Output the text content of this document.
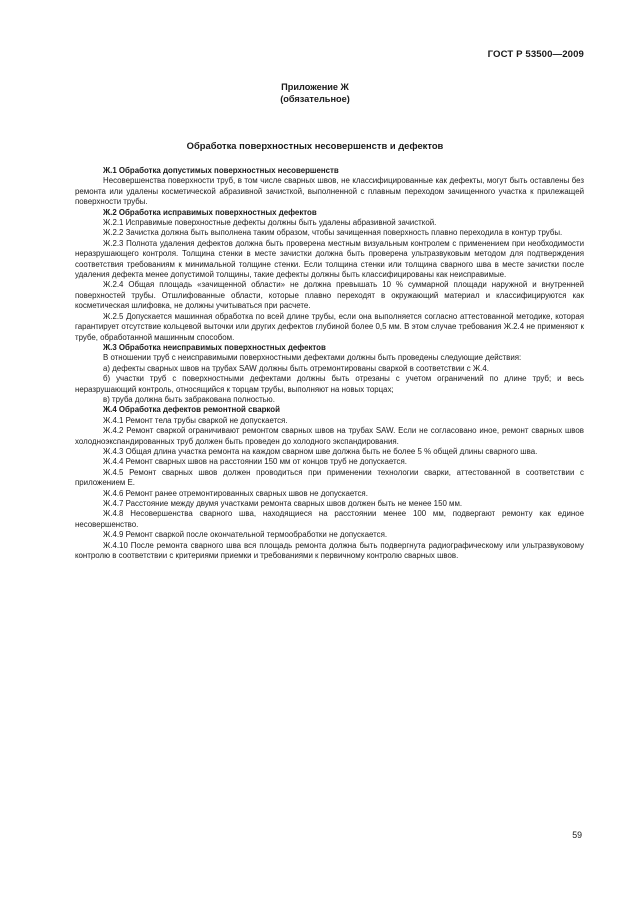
ГОСТ Р 53500—2009
Приложение Ж
(обязательное)
Обработка поверхностных несовершенств и дефектов

Ж.1 Обработка допустимых поверхностных несовершенств

Несовершенства поверхности труб, в том числе сварных швов, не классифицированные как дефекты, могут быть оставлены без ремонта или удалены косметической абразивной зачисткой, выполненной с плавным переходом зачищенного участка к прилежащей поверхности трубы.

Ж.2 Обработка исправимых поверхностных дефектов

Ж.2.1 Исправимые поверхностные дефекты должны быть удалены абразивной зачисткой.

Ж.2.2 Зачистка должна быть выполнена таким образом, чтобы зачищенная поверхность плавно переходила в контур трубы.

Ж.2.3 Полнота удаления дефектов должна быть проверена местным визуальным контролем с применением при необходимости неразрушающего контроля. Толщина стенки в месте зачистки должна быть проверена ультразвуковым методом для подтверждения соответствия требованиям к минимальной толщине стенки. Если толщина стенки или толщина сварного шва в месте зачистки после удаления дефекта менее допустимой толщины, такие дефекты должны быть классифицированы как неисправимые.

Ж.2.4 Общая площадь «зачищенной области» не должна превышать 10 % суммарной площади наружной и внутренней поверхностей трубы. Отшлифованные области, которые плавно переходят в окружающий материал и классифицируются как косметическая шлифовка, не должны учитываться при расчете.

Ж.2.5 Допускается машинная обработка по всей длине трубы, если она выполняется согласно аттестованной методике, которая гарантирует отсутствие кольцевой выточки или других дефектов глубиной более 0,5 мм. В этом случае требования Ж.2.4 не применяют к трубе, обработанной машинным способом.

Ж.3 Обработка неисправимых поверхностных дефектов

В отношении труб с неисправимыми поверхностными дефектами должны быть проведены следующие действия:

а) дефекты сварных швов на трубах SAW должны быть отремонтированы сваркой в соответствии с Ж.4.

б) участки труб с поверхностными дефектами должны быть отрезаны с учетом ограничений по длине труб; и весь неразрушающий контроль, относящийся к торцам трубы, выполняют на новых торцах;

в) труба должна быть забракована полностью.

Ж.4 Обработка дефектов ремонтной сваркой

Ж.4.1 Ремонт тела трубы сваркой не допускается.

Ж.4.2 Ремонт сваркой ограничивают ремонтом сварных швов на трубах SAW. Если не согласовано иное, ремонт сварных швов холодноэкспандированных труб должен быть проведен до холодного экспандирования.

Ж.4.3 Общая длина участка ремонта на каждом сварном шве должна быть не более 5 % общей длины сварного шва.

Ж.4.4 Ремонт сварных швов на расстоянии 150 мм от концов труб не допускается.

Ж.4.5 Ремонт сварных швов должен проводиться при применении технологии сварки, аттестованной в соответствии с приложением Е.

Ж.4.6 Ремонт ранее отремонтированных сварных швов не допускается.

Ж.4.7 Расстояние между двумя участками ремонта сварных швов должен быть не менее 150 мм.

Ж.4.8 Несовершенства сварного шва, находящиеся на расстоянии менее 100 мм, подвергают ремонту как единое несовершенство.

Ж.4.9 Ремонт сваркой после окончательной термообработки не допускается.

Ж.4.10 После ремонта сварного шва вся площадь ремонта должна быть подвергнута радиографическому или ультразвуковому контролю в соответствии с критериями приемки и требованиями к первичному контролю сварных швов.

59
